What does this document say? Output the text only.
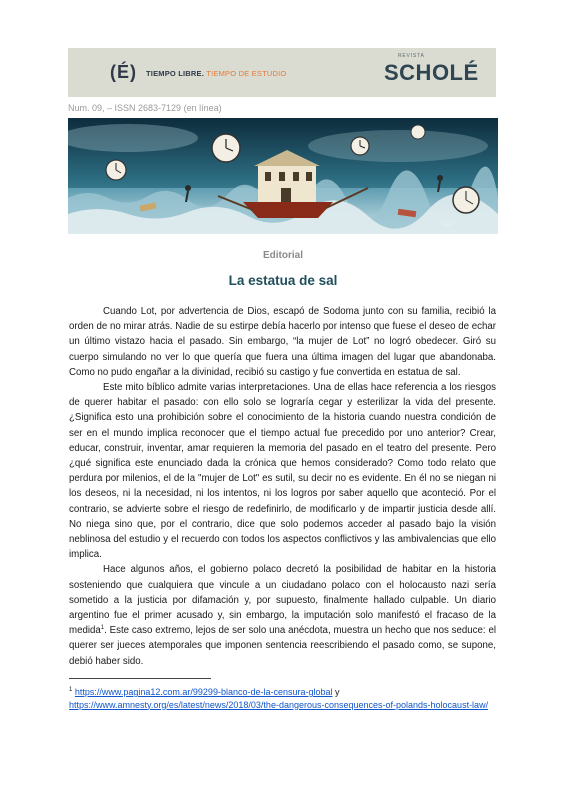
(É) TIEMPO LIBRE. TIEMPO DE ESTUDIO
REVISTA
SCHOLÉ
Num. 09, – ISSN 2683-7129 (en línea)
Editorial
La estatua de sal

Cuando Lot, por advertencia de Dios, escapó de Sodoma junto con su familia, recibió la orden de no mirar atrás. Nadie de su estirpe debía hacerlo por intenso que fuese el deseo de echar un último vistazo hacia el pasado. Sin embargo, “la mujer de Lot” no logró obedecer. Giró su cuerpo simulando no ver lo que quería que fuera una última imagen del lugar que abandonaba. Como no pudo engañar a la divinidad, recibió su castigo y fue convertida en estatua de sal.

Este mito bíblico admite varias interpretaciones. Una de ellas hace referencia a los riesgos de querer habitar el pasado: con ello solo se lograría cegar y esterilizar la vida del presente. ¿Significa esto una prohibición sobre el conocimiento de la historia cuando nuestra condición de ser en el mundo implica reconocer que el tiempo actual fue precedido por uno anterior? Crear, educar, construir, inventar, amar requieren la memoria del pasado en el teatro del presente. Pero ¿qué significa este enunciado dada la crónica que hemos considerado? Como todo relato que perdura por milenios, el de la "mujer de Lot" es sutil, su decir no es evidente. En él no se niegan ni los deseos, ni la necesidad, ni los intentos, ni los logros por saber aquello que aconteció. Por el contrario, se advierte sobre el riesgo de redefinirlo, de modificarlo y de impartir justicia desde allí. No niega sino que, por el contrario, dice que solo podemos acceder al pasado bajo la visión neblinosa del estudio y el recuerdo con todos los aspectos conflictivos y las ambivalencias que ello implica.

Hace algunos años, el gobierno polaco decretó la posibilidad de habitar en la historia sosteniendo que cualquiera que vincule a un ciudadano polaco con el holocausto nazi sería sometido a la justicia por difamación y, por supuesto, finalmente hallado culpable. Un diario argentino fue el primer acusado y, sin embargo, la imputación solo manifestó el fracaso de la medida$^1$. Este caso extremo, lejos de ser solo una anécdota, muestra un hecho que nos seduce: el querer ser jueces atemporales que imponen sentencia reescribiendo el pasado como, se supone, debió haber sido.

$^1$ https://www.pagina12.com.ar/99299-blanco-de-la-censura-global y
https://www.amnesty.org/es/latest/news/2018/03/the-dangerous-consequences-of-polands-holocaust-law/
